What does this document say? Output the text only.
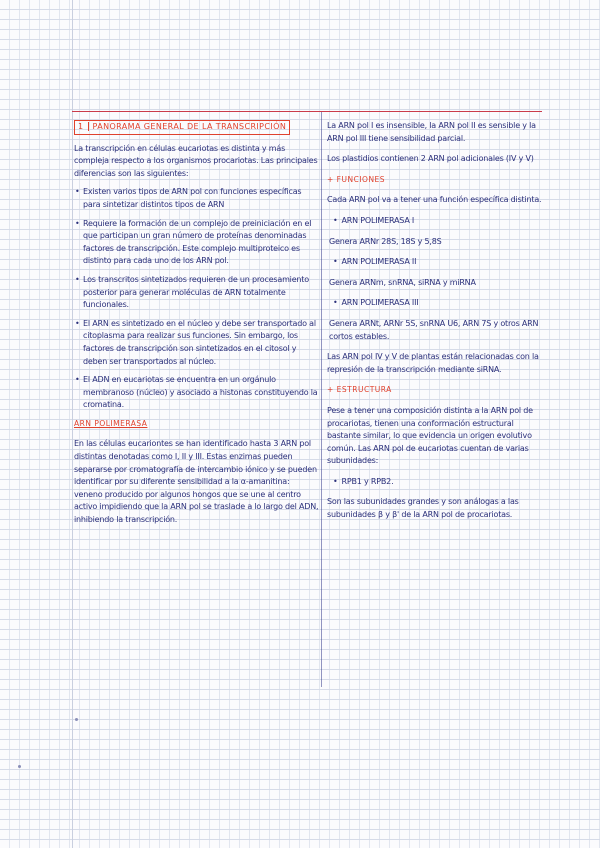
1 PANORAMA GENERAL DE LA TRANSCRIPCIÓN

La transcripción en células eucariotas es distinta y más compleja respecto a los organismos procariotas. Las principales diferencias son las siguientes:

• Existen varios tipos de ARN pol con funciones específicas para sintetizar distintos tipos de ARN

• Requiere la formación de un complejo de preiniciación en el que participan un gran número de proteínas denominadas factores de transcripción. Este complejo multiproteico es distinto para cada uno de los ARN pol.

• Los transcritos sintetizados requieren de un procesamiento posterior para generar moléculas de ARN totalmente funcionales.

• El ARN es sintetizado en el núcleo y debe ser transportado al citoplasma para realizar sus funciones. Sin embargo, los factores de transcripción son sintetizados en el citosol y deben ser transportados al núcleo.

• El ADN en eucariotas se encuentra en un orgánulo membranoso (núcleo) y asociado a histonas constituyendo la cromatina.

ARN POLIMERASA

En las células eucariontes se han identificado hasta 3 ARN pol distintas denotadas como I, II y III. Estas enzimas pueden separarse por cromatografía de intercambio iónico y se pueden identificar por su diferente sensibilidad a la α-amanitina: veneno producido por algunos hongos que se une al centro activo impidiendo que la ARN pol se traslade a lo largo del ADN, inhibiendo la transcripción.

La ARN pol I es insensible, la ARN pol II es sensible y la ARN pol III tiene sensibilidad parcial.

Los plastidios contienen 2 ARN pol adicionales (IV y V)

+ FUNCIONES

Cada ARN pol va a tener una función específica distinta.

• ARN POLIMERASA I
Genera ARNr 28S, 18S y 5,8S
• ARN POLIMERASA II
Genera ARNm, snRNA, siRNA y miRNA
• ARN POLIMERASA III
Genera ARNt, ARNr 5S, snRNA U6, ARN 7S y otros ARN cortos estables.

Las ARN pol IV y V de plantas están relacionadas con la represión de la transcripción mediante siRNA.

+ ESTRUCTURA

Pese a tener una composición distinta a la ARN pol de procariotas, tienen una conformación estructural bastante similar, lo que evidencia un origen evolutivo común. Las ARN pol de eucariotas cuentan de varias subunidades:

• RPB1 y RPB2.

Son las subunidades grandes y son análogas a las subunidades β y β' de la ARN pol de procariotas.
